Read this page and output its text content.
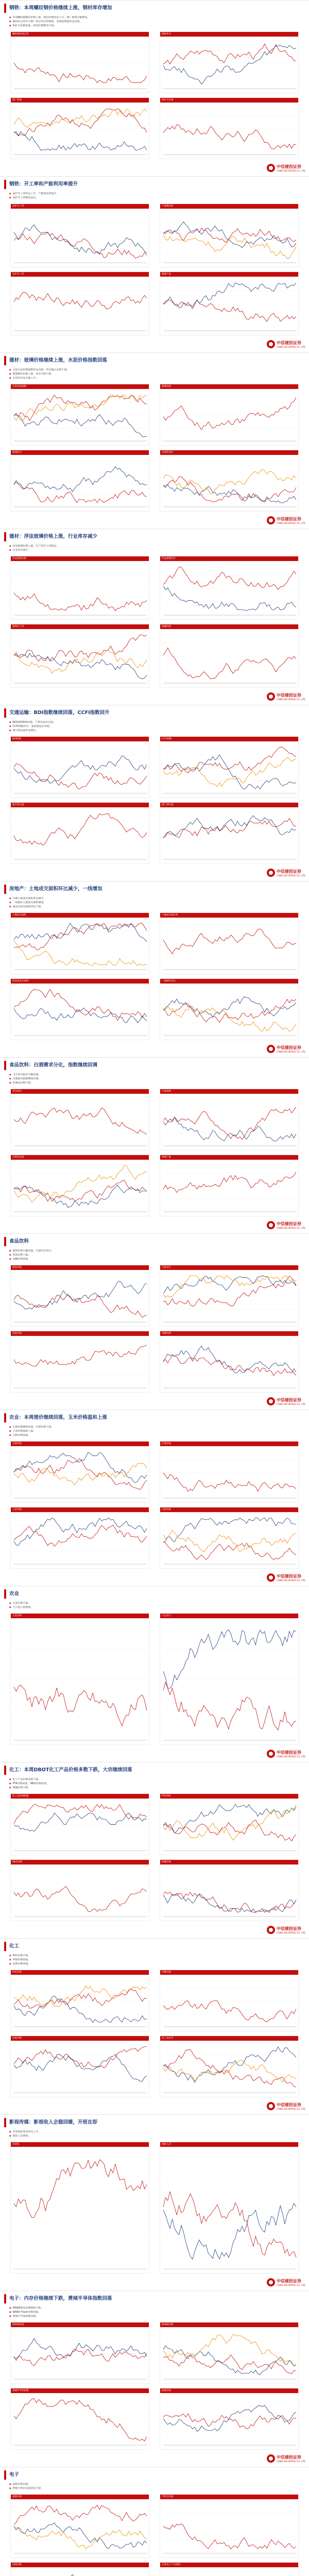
钢铁：本周螺纹钢价格继续上涨，钢材库存增加
▪ 本周螺纹钢期货价格上涨，现货价格同步上行，钢厂利润小幅修复。
▪ 钢材社会库存与钢厂库存均有所增加，表观消费量环比回落。
▪ 铁矿石价格震荡，焦炭价格维持平稳。
螺纹钢价格走势	钢材库存
钢厂利润	铁矿石价格
中信建投证券
CHINA SECURITIES CO., LTD.
钢铁：开工率和产能利用率提升
▪ 高炉开工率环比上升，产能利用率提升。
▪ 电炉开工率维持高位。
高炉开工率	产能利用率
电炉开工率	粗钢产量
中信建投证券
CHINA SECURITIES CO., LTD.
建材：玻璃价格继续上涨，水泥价格指数回落
▪ 全国水泥价格指数环比回落，华东地区价格下调。
▪ 玻璃期货价格上涨，库存天数下降。
▪ 水泥库容比小幅上升。
水泥价格指数	玻璃价格
玻璃库存	水泥库容比
中信建投证券
CHINA SECURITIES CO., LTD.
建材：浮法玻璃价格上涨，行业库存减少
▪ 浮法玻璃价格上涨，生产线开工率稳定。
▪ 行业库存减少。
浮法玻璃价格	浮法玻璃库存
玻璃开工率	纯碱价格
中信建投证券
CHINA SECURITIES CO., LTD.
交通运输：BDI指数继续回落，CCFI指数回升
▪ BDI指数继续回落，干散货运价走弱。
▪ CCFI指数回升，集装箱运价企稳。
▪ 航空客运量环比增长。
BDI指数	CCFI指数
航空客运量	港口吞吐量
中信建投证券
CHINA SECURITIES CO., LTD.
房地产：土地成交面积环比减少，一线增加
▪ 百城土地成交面积环比减少。
▪ 一线城市土地成交面积增加。
▪ 商品房成交面积同比下降。
土地成交面积	土地成交溢价率
商品房成交面积	一线城市成交
中信建投证券
CHINA SECURITIES CO., LTD.
食品饮料：白酒需求分化，指数继续回调
▪ 飞天茅台批价小幅回落。
▪ 白酒板块指数继续回调。
▪ 乳制品价格平稳。
茅台批价	白酒指数
生鲜乳价格	啤酒产量
中信建投证券
CHINA SECURITIES CO., LTD.
食品饮料
▪ 猪肉价格小幅回落，生猪存栏回升。
▪ 鸡蛋价格上涨。
▪ 食糖价格震荡。
猪肉价格	生猪存栏
鸡蛋价格	食糖价格
中信建投证券
CHINA SECURITIES CO., LTD.
农业：本周猪价继续回落，玉米价格温和上涨
▪ 生猪价格继续回落，仔猪价格下降。
▪ 玉米价格温和上涨。
▪ 豆粕价格震荡。
生猪价格	仔猪价格
玉米价格	豆粕价格
中信建投证券
CHINA SECURITIES CO., LTD.
农业
▪ 小麦价格平稳。
▪ 大豆进口量增加。
小麦价格	大豆进口
中信建投证券
CHINA SECURITIES CO., LTD.
化工：本周DBOT化工产品价格多数下跌，大宗继续回落
▪ 化工产品价格多数下跌。
▪ PTA价格回落，MEG价格震荡。
▪ 纯碱价格下跌。
化工品价格指数	PTA价格
MEG价格	纯碱价格
中信建投证券
CHINA SECURITIES CO., LTD.
化工
▪ PVC价格下跌。
▪ 甲醇价格震荡。
▪ 尿素价格回落。
PVC价格	甲醇价格
尿素价格	化工品价差
中信建投证券
CHINA SECURITIES CO., LTD.
影视传媒：影视收入企稳回暖，开班在即
▪ 本周电影票房环比上升。
▪ 观影人次增加。
周票房	观影人次
中信建投证券
CHINA SECURITIES CO., LTD.
电子：内存价格继续下跌，费城半导体指数回落
▪ DRAM现货价格继续下跌。
▪ NAND Flash价格回落。
▪ 费城半导体指数回落。
DRAM价格	NAND价格
费城半导体指数	面板价格
中信建投证券
CHINA SECURITIES CO., LTD.
电子
▪ 面板价格企稳。
▪ 智能手机出货量同比下降。
面板价格	手机出货量
LED价格	台湾电子产业营收
